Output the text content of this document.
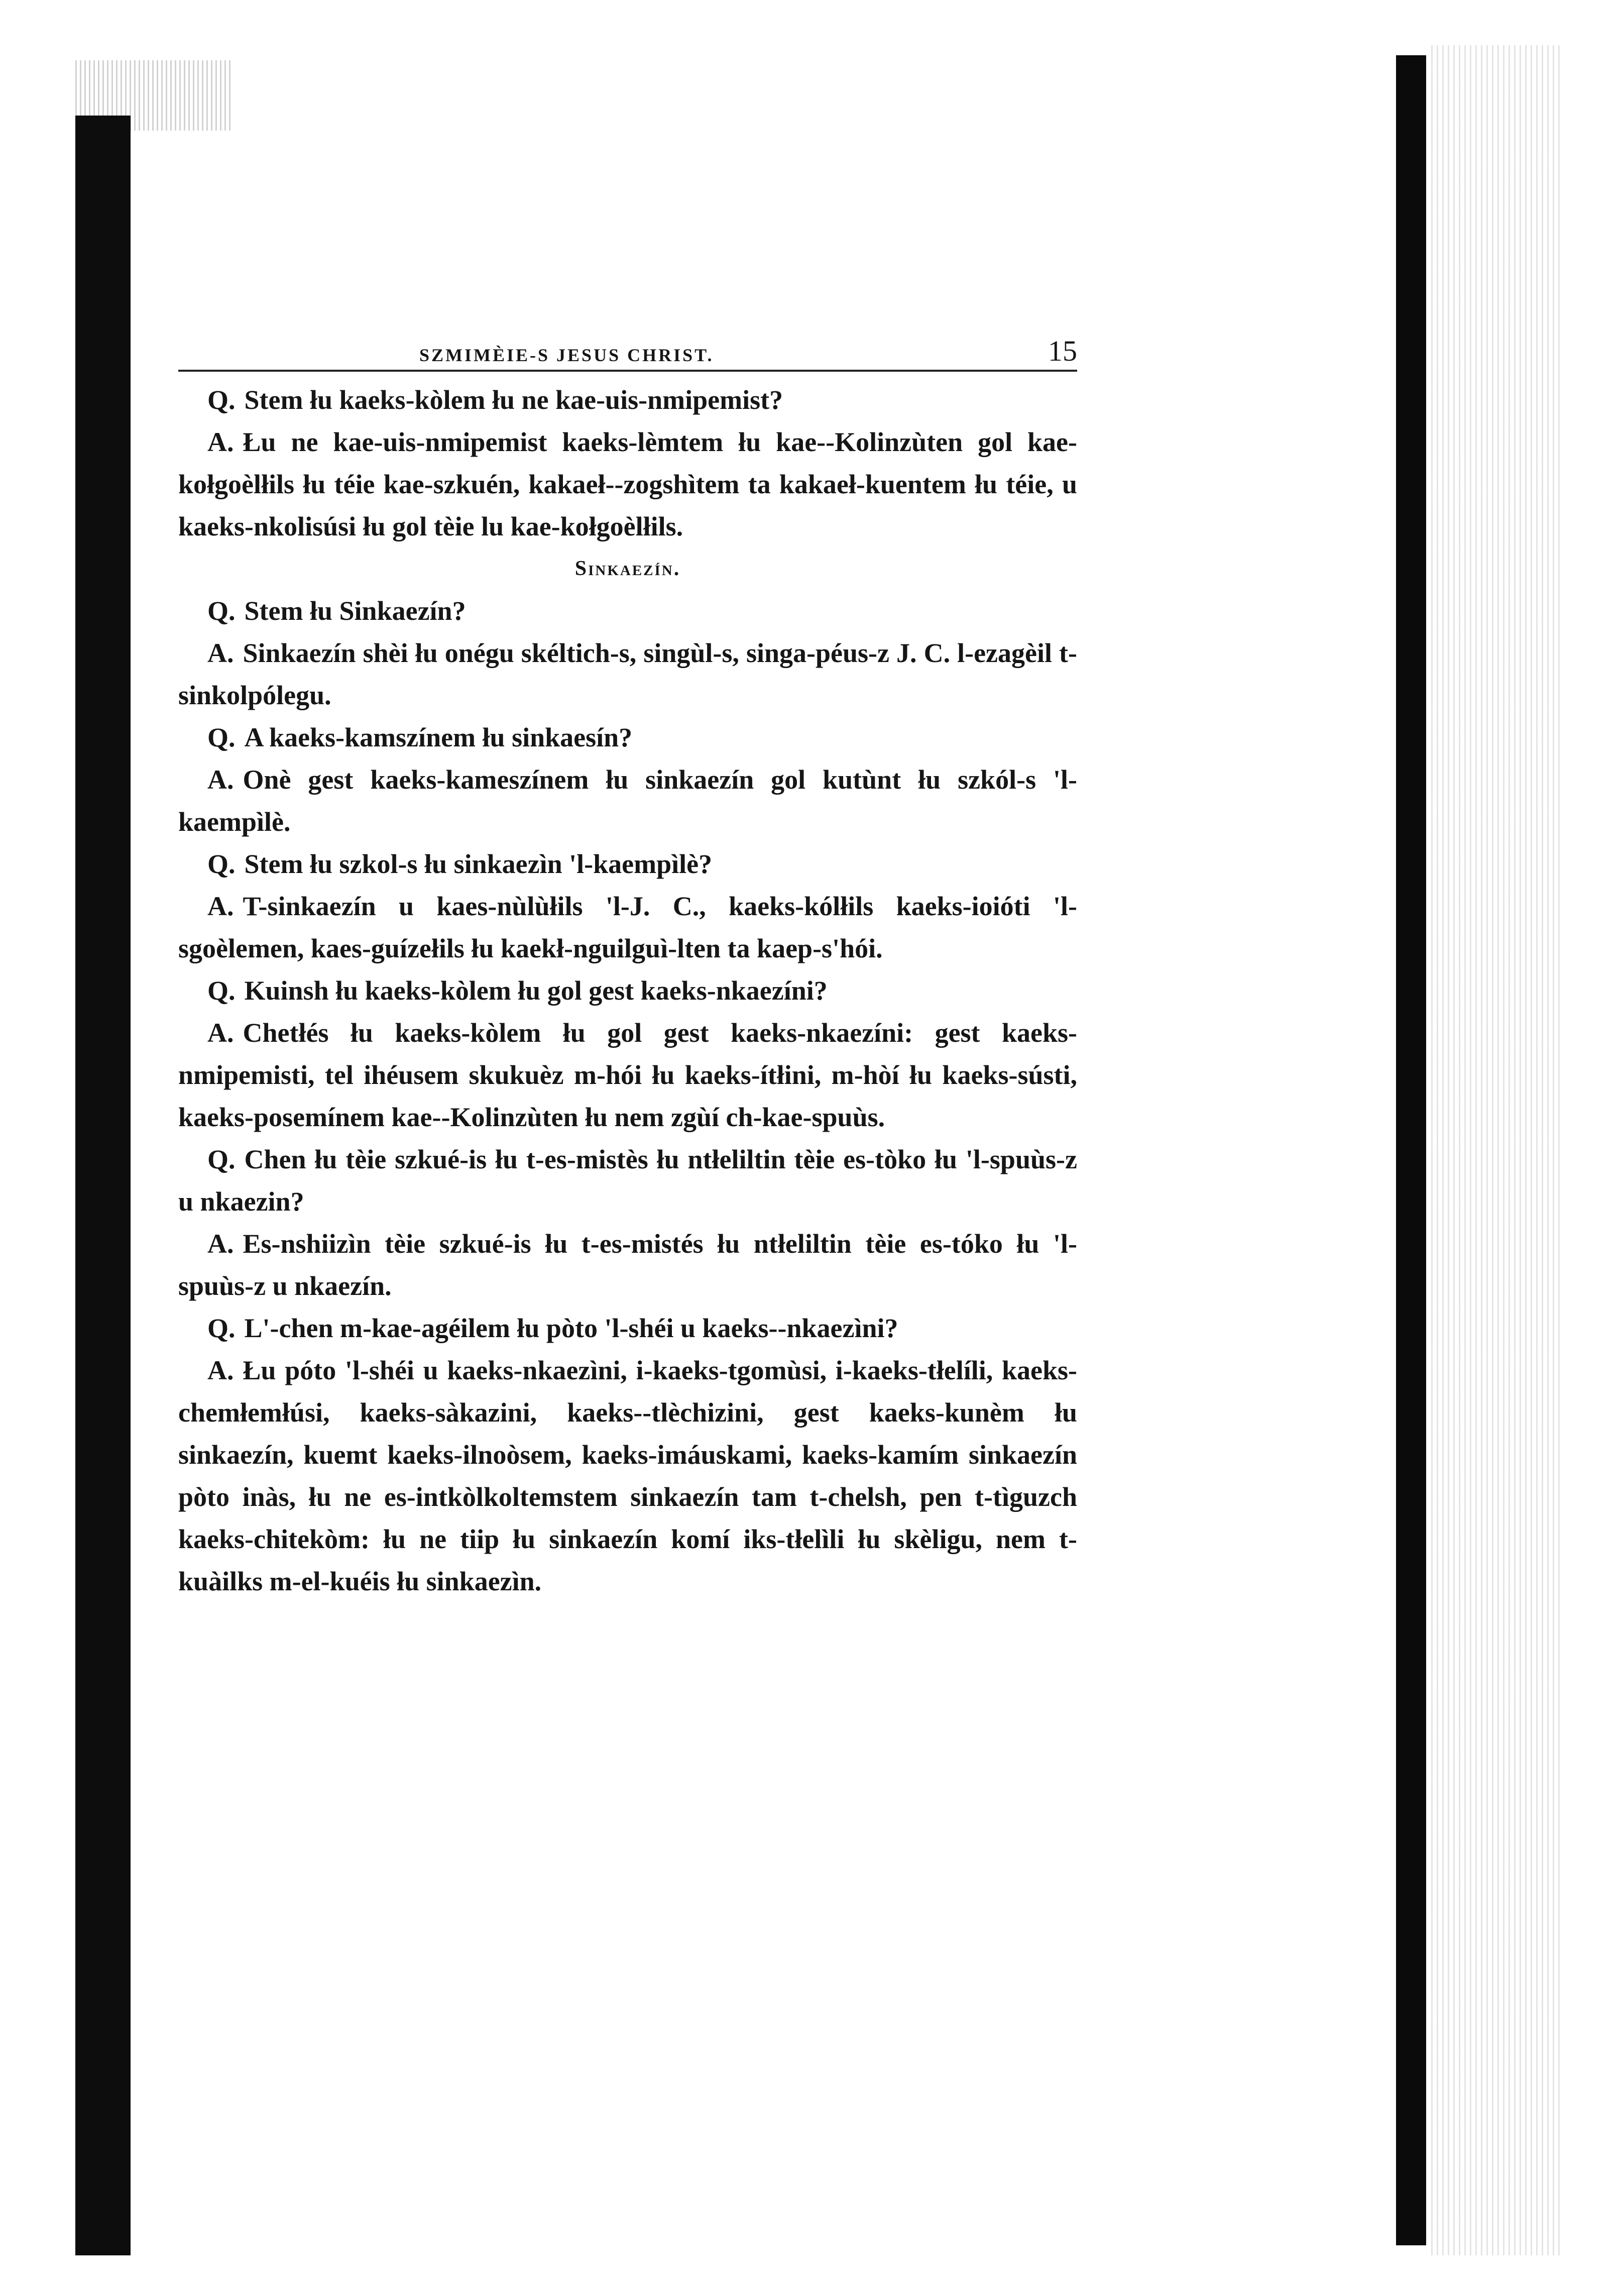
SZMIMÈIE-S JESUS CHRIST.	15

Q. Stem łu kaeks-kòlem łu ne kae-uis-nmipemist?

A. Łu ne kae-uis-nmipemist kaeks-lèmtem łu kae--Kolinzùten gol kae-kołgoèlłils łu téie kae-szkuén, kakaeł--zogshìtem ta kakaeł-kuentem łu téie, u kaeks-nkolisúsi łu gol tèie lu kae-kołgoèlłils.

Sinkaezín.

Q. Stem łu Sinkaezín?

A. Sinkaezín shèi łu onégu skéltich-s, singùl-s, singa-péus-z J. C. l-ezagèil t-sinkolpólegu.

Q. A kaeks-kamszínem łu sinkaesín?

A. Onè gest kaeks-kameszínem łu sinkaezín gol kutùnt łu szkól-s 'l-kaempìlè.

Q. Stem łu szkol-s łu sinkaezìn 'l-kaempìlè?

A. T-sinkaezín u kaes-nùlùłils 'l-J. C., kaeks-kólłils kaeks-ioióti 'l-sgoèlemen, kaes-guízełils łu kaekł-nguilguì-lten ta kaep-s'hói.

Q. Kuinsh łu kaeks-kòlem łu gol gest kaeks-nkaezíni?

A. Chetłés łu kaeks-kòlem łu gol gest kaeks-nkaezíni: gest kaeks-nmipemisti, tel ihéusem skukuèz m-hói łu kaeks-ítłini, m-hòí łu kaeks-sústi, kaeks-posemínem kae--Kolinzùten łu nem zgùí ch-kae-spuùs.

Q. Chen łu tèie szkué-is łu t-es-mistès łu ntłeliltin tèie es-tòko łu 'l-spuùs-z u nkaezin?

A. Es-nshiizìn tèie szkué-is łu t-es-mistés łu ntłeliltin tèie es-tóko łu 'l-spuùs-z u nkaezín.

Q. L'-chen m-kae-agéilem łu pòto 'l-shéi u kaeks--nkaezìni?

A. Łu póto 'l-shéi u kaeks-nkaezìni, i-kaeks-tgomùsi, i-kaeks-tłelíli, kaeks-chemłemłúsi, kaeks-sàkazini, kaeks--tlèchizini, gest kaeks-kunèm łu sinkaezín, kuemt kaeks-ilnoòsem, kaeks-imáuskami, kaeks-kamím sinkaezín pòto inàs, łu ne es-intkòlkoltemstem sinkaezín tam t-chelsh, pen t-tìguzch kaeks-chitekòm: łu ne tiip łu sinkaezín komí iks-tłelìli łu skèligu, nem t-kuàilks m-el-kuéis łu sinkaezìn.
